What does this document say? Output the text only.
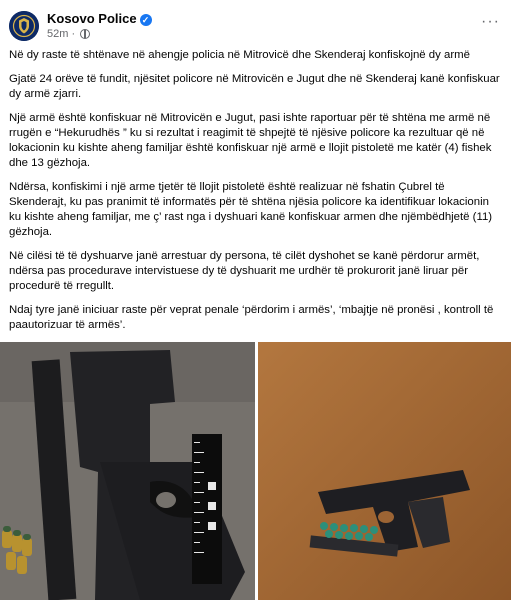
Kosovo Police ✓
52m ·
···

Në dy raste të shtënave në ahengje policia në Mitrovicë dhe Skenderaj konfiskojnë dy armë

Gjatë 24 orëve të fundit, njësitet policore në Mitrovicën e Jugut dhe në Skenderaj kanë konfiskuar dy armë zjarri.

Një armë është konfiskuar në Mitrovicën e Jugut, pasi ishte raportuar për të shtëna me armë në rrugën e “Hekurudhës ” ku si rezultat i reagimit të shpejtë të njësive policore ka rezultuar që në lokacionin ku kishte aheng familjar është konfiskuar një armë e llojit pistoletë me katër (4) fishek dhe 13 gëzhoja.

Ndërsa, konfiskimi i një arme tjetër të llojit pistoletë është realizuar në fshatin Çubrel të Skenderajt, ku pas pranimit të informatës për të shtëna njësia policore ka identifikuar lokacionin ku kishte aheng familjar, me ç’ rast nga i dyshuari kanë konfiskuar armen dhe njëmbëdhjetë (11) gëzhoja.

Në cilësi të të dyshuarve janë arrestuar dy persona, të cilët dyshohet se kanë përdorur armët, ndërsa pas procedurave intervistuese dy të dyshuarit me urdhër të prokurorit janë liruar për procedurë të rregullt.

Ndaj tyre janë iniciuar raste për veprat penale ‘përdorim i armës’, ‘mbajtje në pronësi , kontroll të paautorizuar të armës’.
